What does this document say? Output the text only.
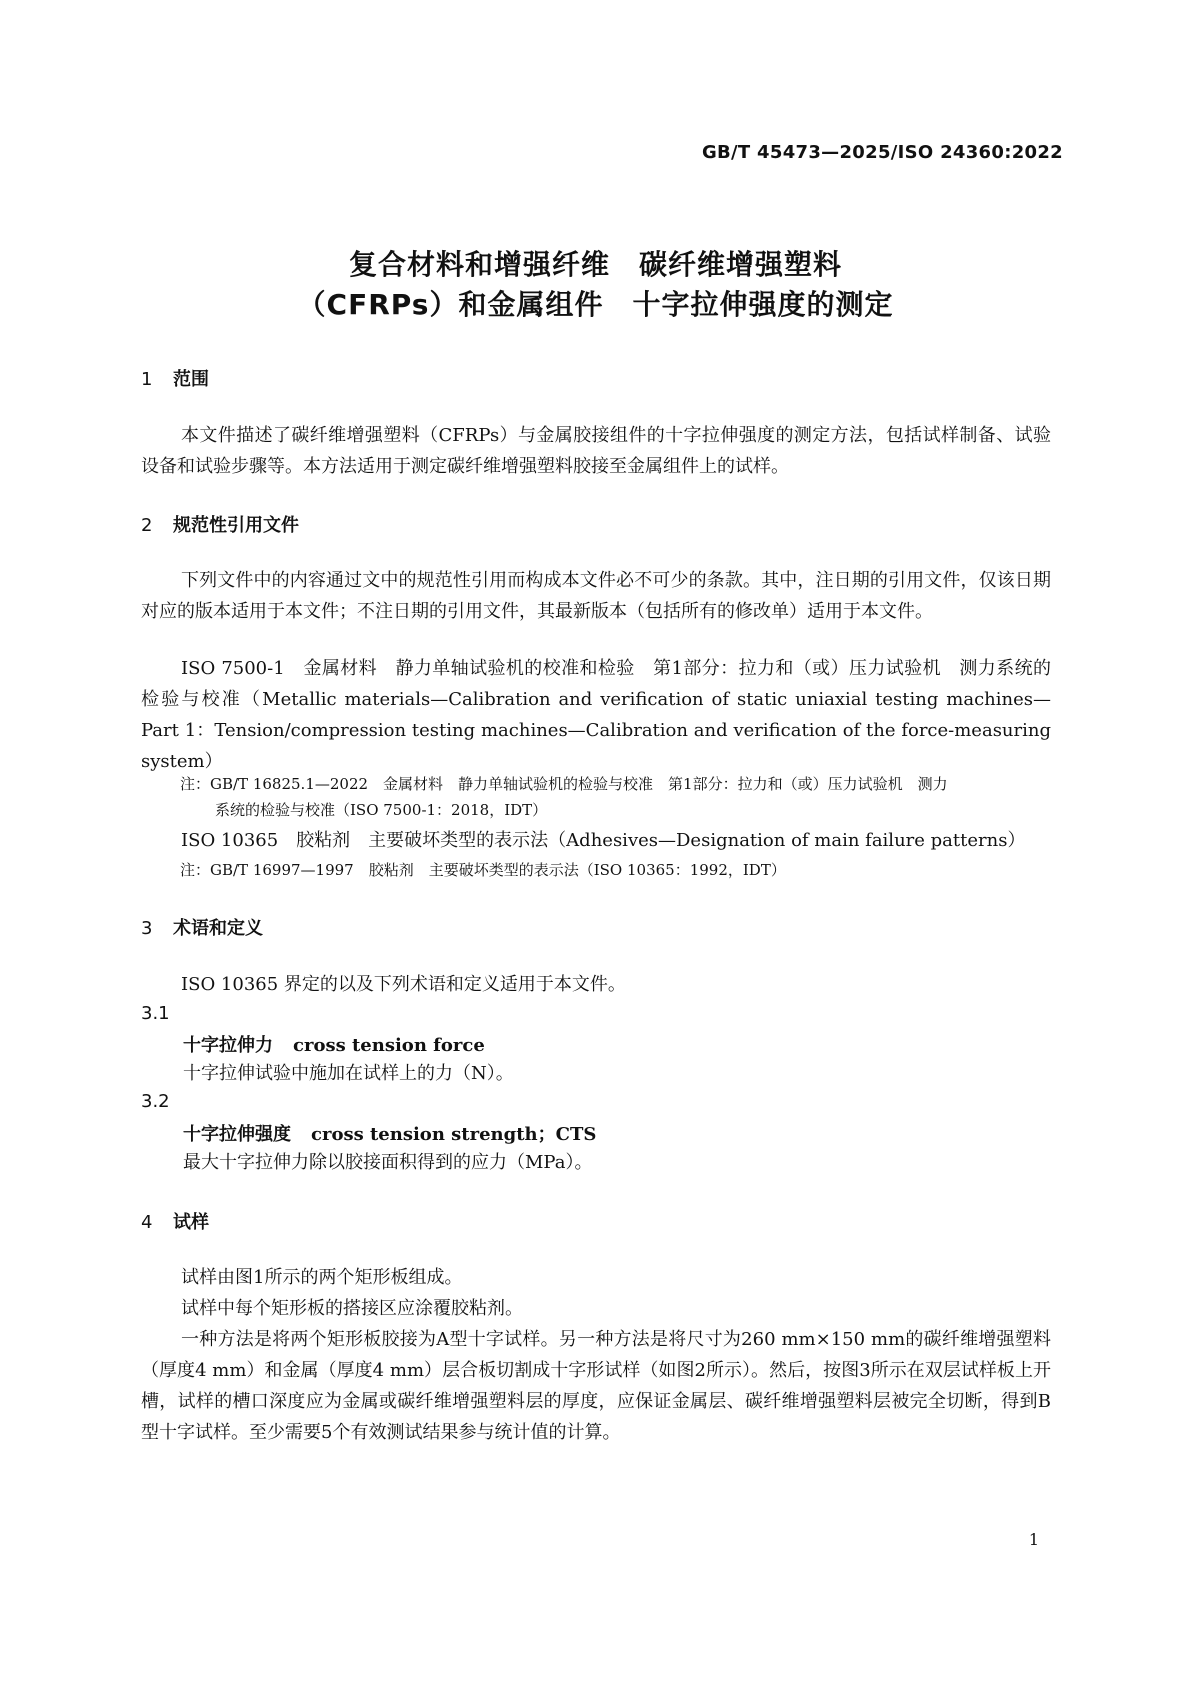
GB/T 45473—2025/ISO 24360:2022
复合材料和增强纤维　碳纤维增强塑料
（CFRPs）和金属组件　十字拉伸强度的测定
1 范围
本文件描述了碳纤维增强塑料（CFRPs）与金属胶接组件的十字拉伸强度的测定方法，包括试样制备、试验设备和试验步骤等。本方法适用于测定碳纤维增强塑料胶接至金属组件上的试样。
2 规范性引用文件
下列文件中的内容通过文中的规范性引用而构成本文件必不可少的条款。其中，注日期的引用文件，仅该日期对应的版本适用于本文件；不注日期的引用文件，其最新版本（包括所有的修改单）适用于本文件。
ISO 7500-1　金属材料　静力单轴试验机的校准和检验　第1部分：拉力和（或）压力试验机　测力系统的检验与校准（Metallic materials—Calibration and verification of static uniaxial testing machines—Part 1：Tension/compression testing machines—Calibration and verification of the force-measuring system）
注：GB/T 16825.1—2022　金属材料　静力单轴试验机的检验与校准　第1部分：拉力和（或）压力试验机　测力
系统的检验与校准（ISO 7500-1：2018，IDT）
ISO 10365　胶粘剂　主要破坏类型的表示法（Adhesives—Designation of main failure patterns）
注：GB/T 16997—1997　胶粘剂　主要破坏类型的表示法（ISO 10365：1992，IDT）
3 术语和定义
ISO 10365 界定的以及下列术语和定义适用于本文件。
3.1
十字拉伸力 cross tension force
十字拉伸试验中施加在试样上的力（N）。
3.2
十字拉伸强度 cross tension strength；CTS
最大十字拉伸力除以胶接面积得到的应力（MPa）。
4 试样
试样由图1所示的两个矩形板组成。
试样中每个矩形板的搭接区应涂覆胶粘剂。
一种方法是将两个矩形板胶接为A型十字试样。另一种方法是将尺寸为260 mm×150 mm的碳纤维增强塑料（厚度4 mm）和金属（厚度4 mm）层合板切割成十字形试样（如图2所示）。然后，按图3所示在双层试样板上开槽，试样的槽口深度应为金属或碳纤维增强塑料层的厚度，应保证金属层、碳纤维增强塑料层被完全切断，得到B型十字试样。至少需要5个有效测试结果参与统计值的计算。
1
